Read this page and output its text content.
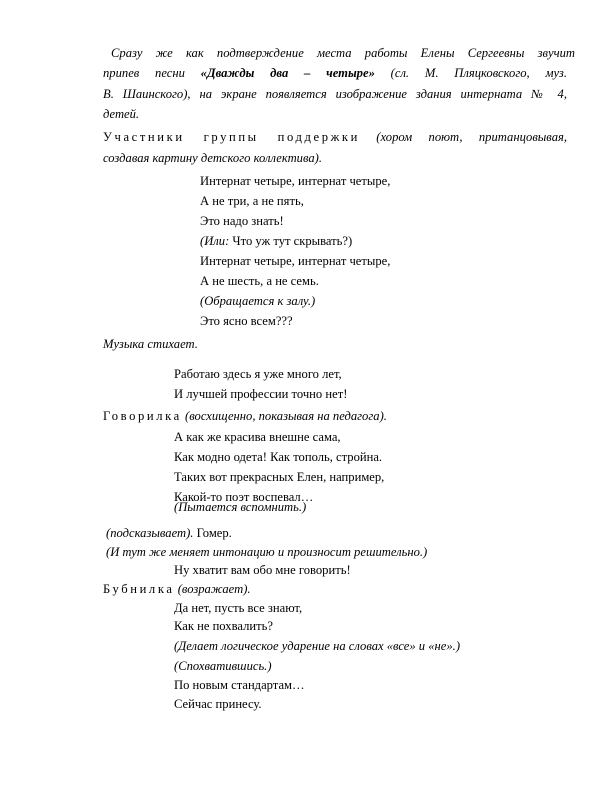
Сразу же как подтверждение места работы Елены Сергеевны звучит
припев песни «Дважды два – четыре» (сл. М. Пляцковского, муз.
В. Шаинского), на экране появляется изображение здания интерната № 4,
детей.
Участники группы поддержки (хором поют, пританцовывая,
создавая картину детского коллектива).
Интернат четыре, интернат четыре,
А не три, а не пять,
Это надо знать!
(Или: Что уж тут скрывать?)
Интернат четыре, интернат четыре,
А не шесть, а не семь.
(Обращается к залу.)
Это ясно всем???
Музыка стихает.
Работаю здесь я уже много лет,
И лучшей профессии точно нет!
Говорилка (восхищенно, показывая на педагога).
А как же красива внешне сама,
Как модно одета! Как тополь, стройна.
Таких вот прекрасных Елен, например,
Какой-то поэт воспевал…
(Пытается вспомнить.)
(подсказывает). Гомер.
(И тут же меняет интонацию и произносит решительно.)
Ну хватит вам обо мне говорить!
Бубнилка (возражает).
Да нет, пусть все знают,
Как не похвалить?
(Делает логическое ударение на словах «все» и «не».)
(Спохватившись.)
По новым стандартам…
Сейчас принесу.
